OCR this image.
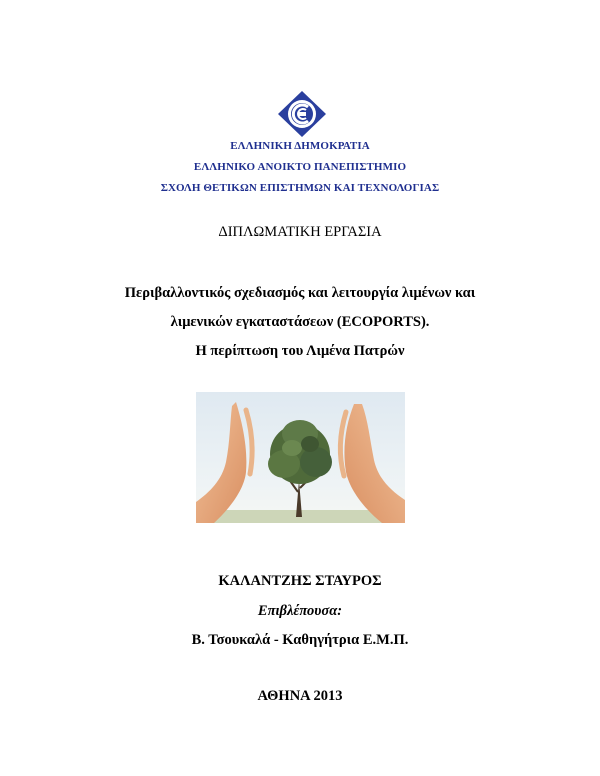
ΕΛΛΗΝΙΚΗ ΔΗΜΟΚΡΑΤΙΑ
ΕΛΛΗΝΙΚΟ ΑΝΟΙΚΤΟ ΠΑΝΕΠΙΣΤΗΜΙΟ
ΣΧΟΛΗ ΘΕΤΙΚΩΝ ΕΠΙΣΤΗΜΩΝ ΚΑΙ ΤΕΧΝΟΛΟΓΙΑΣ
ΔΙΠΛΩΜΑΤΙΚΗ ΕΡΓΑΣΙΑ
Περιβαλλοντικός σχεδιασμός και λειτουργία λιμένων και
λιμενικών εγκαταστάσεων (ECOPORTS).
Η περίπτωση του Λιμένα Πατρών
ΚΑΛΑΝΤΖΗΣ ΣΤΑΥΡΟΣ
Επιβλέπουσα:
Β. Τσουκαλά - Καθηγήτρια Ε.Μ.Π.
ΑΘΗΝΑ 2013
